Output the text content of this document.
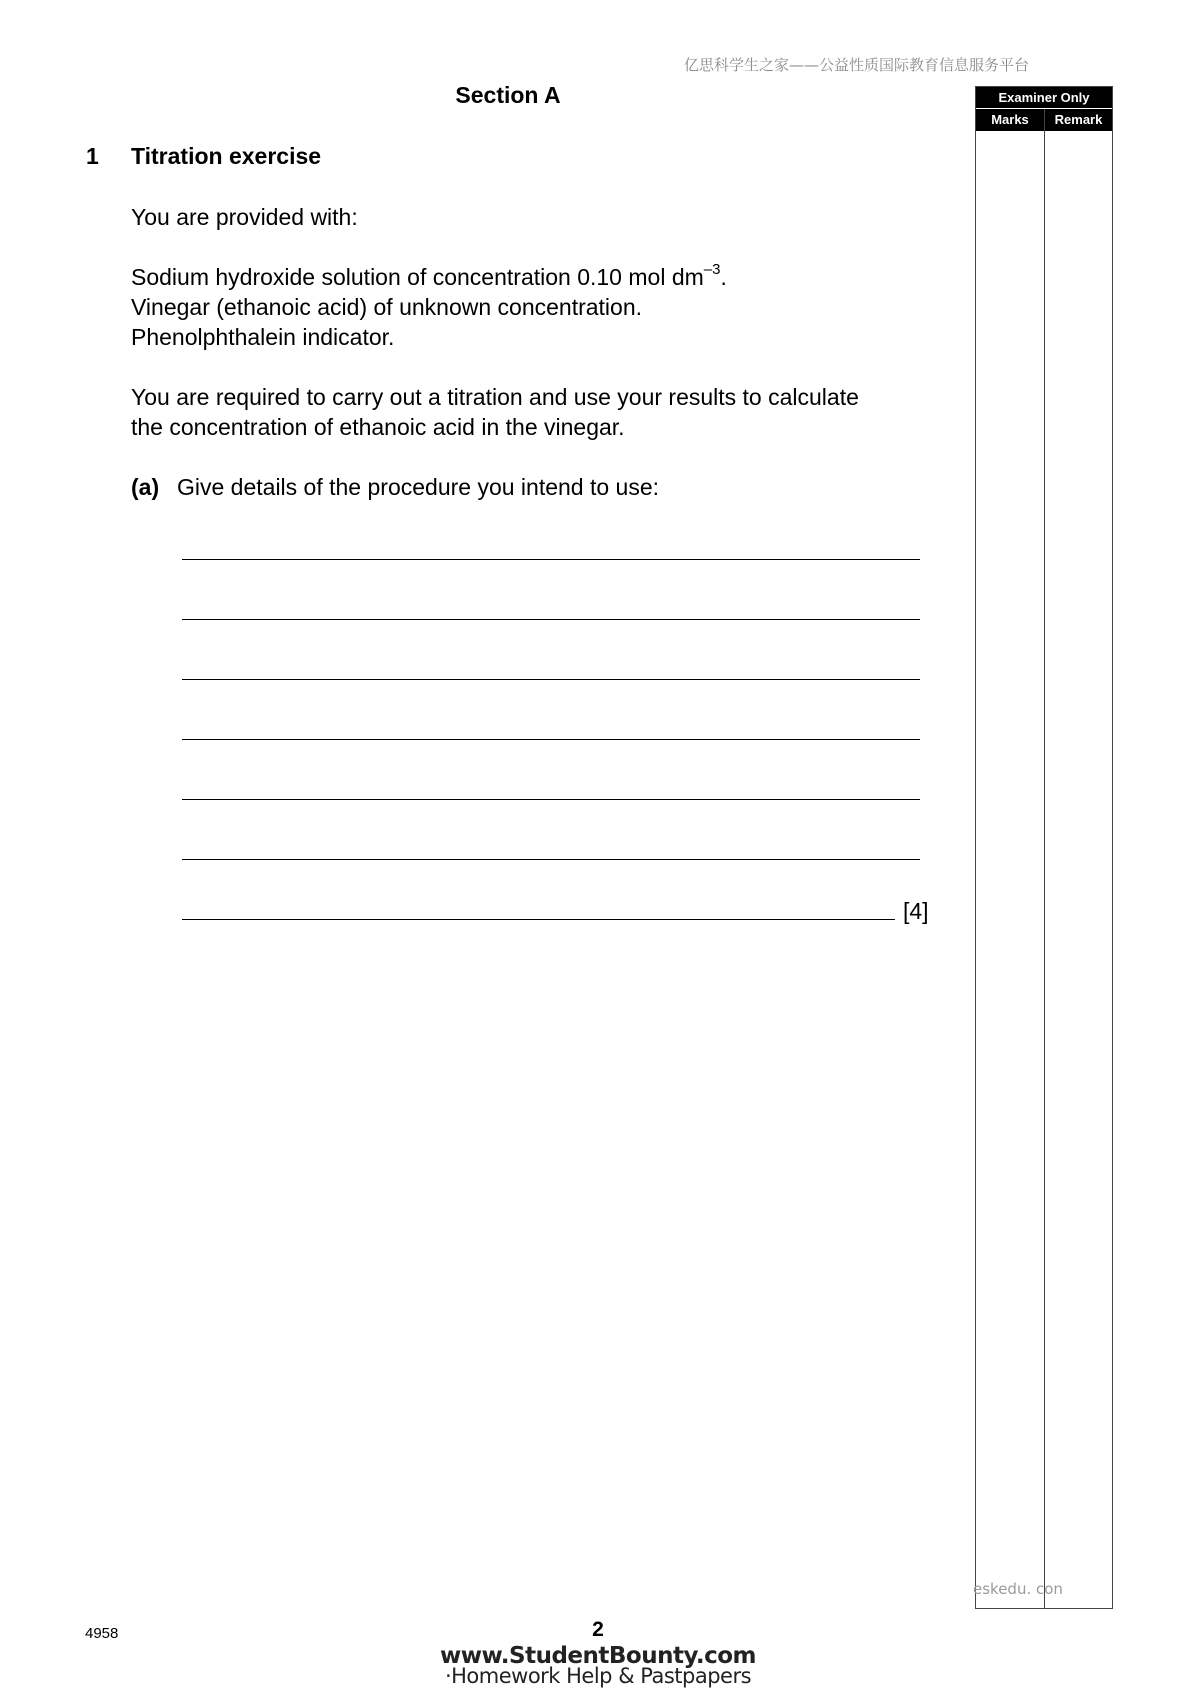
亿思科学生之家——公益性质国际教育信息服务平台
Section A
1 Titration exercise
You are provided with:
Sodium hydroxide solution of concentration 0.10 mol $dm^{-3}$.
Vinegar (ethanoic acid) of unknown concentration.
Phenolphthalein indicator.
You are required to carry out a titration and use your results to calculate
the concentration of ethanoic acid in the vinegar.
(a) Give details of the procedure you intend to use:
[4]
Examiner Only
Marks	Remark
eskedu. con
4958	2
www.StudentBounty.com
·Homework Help & Pastpapers
